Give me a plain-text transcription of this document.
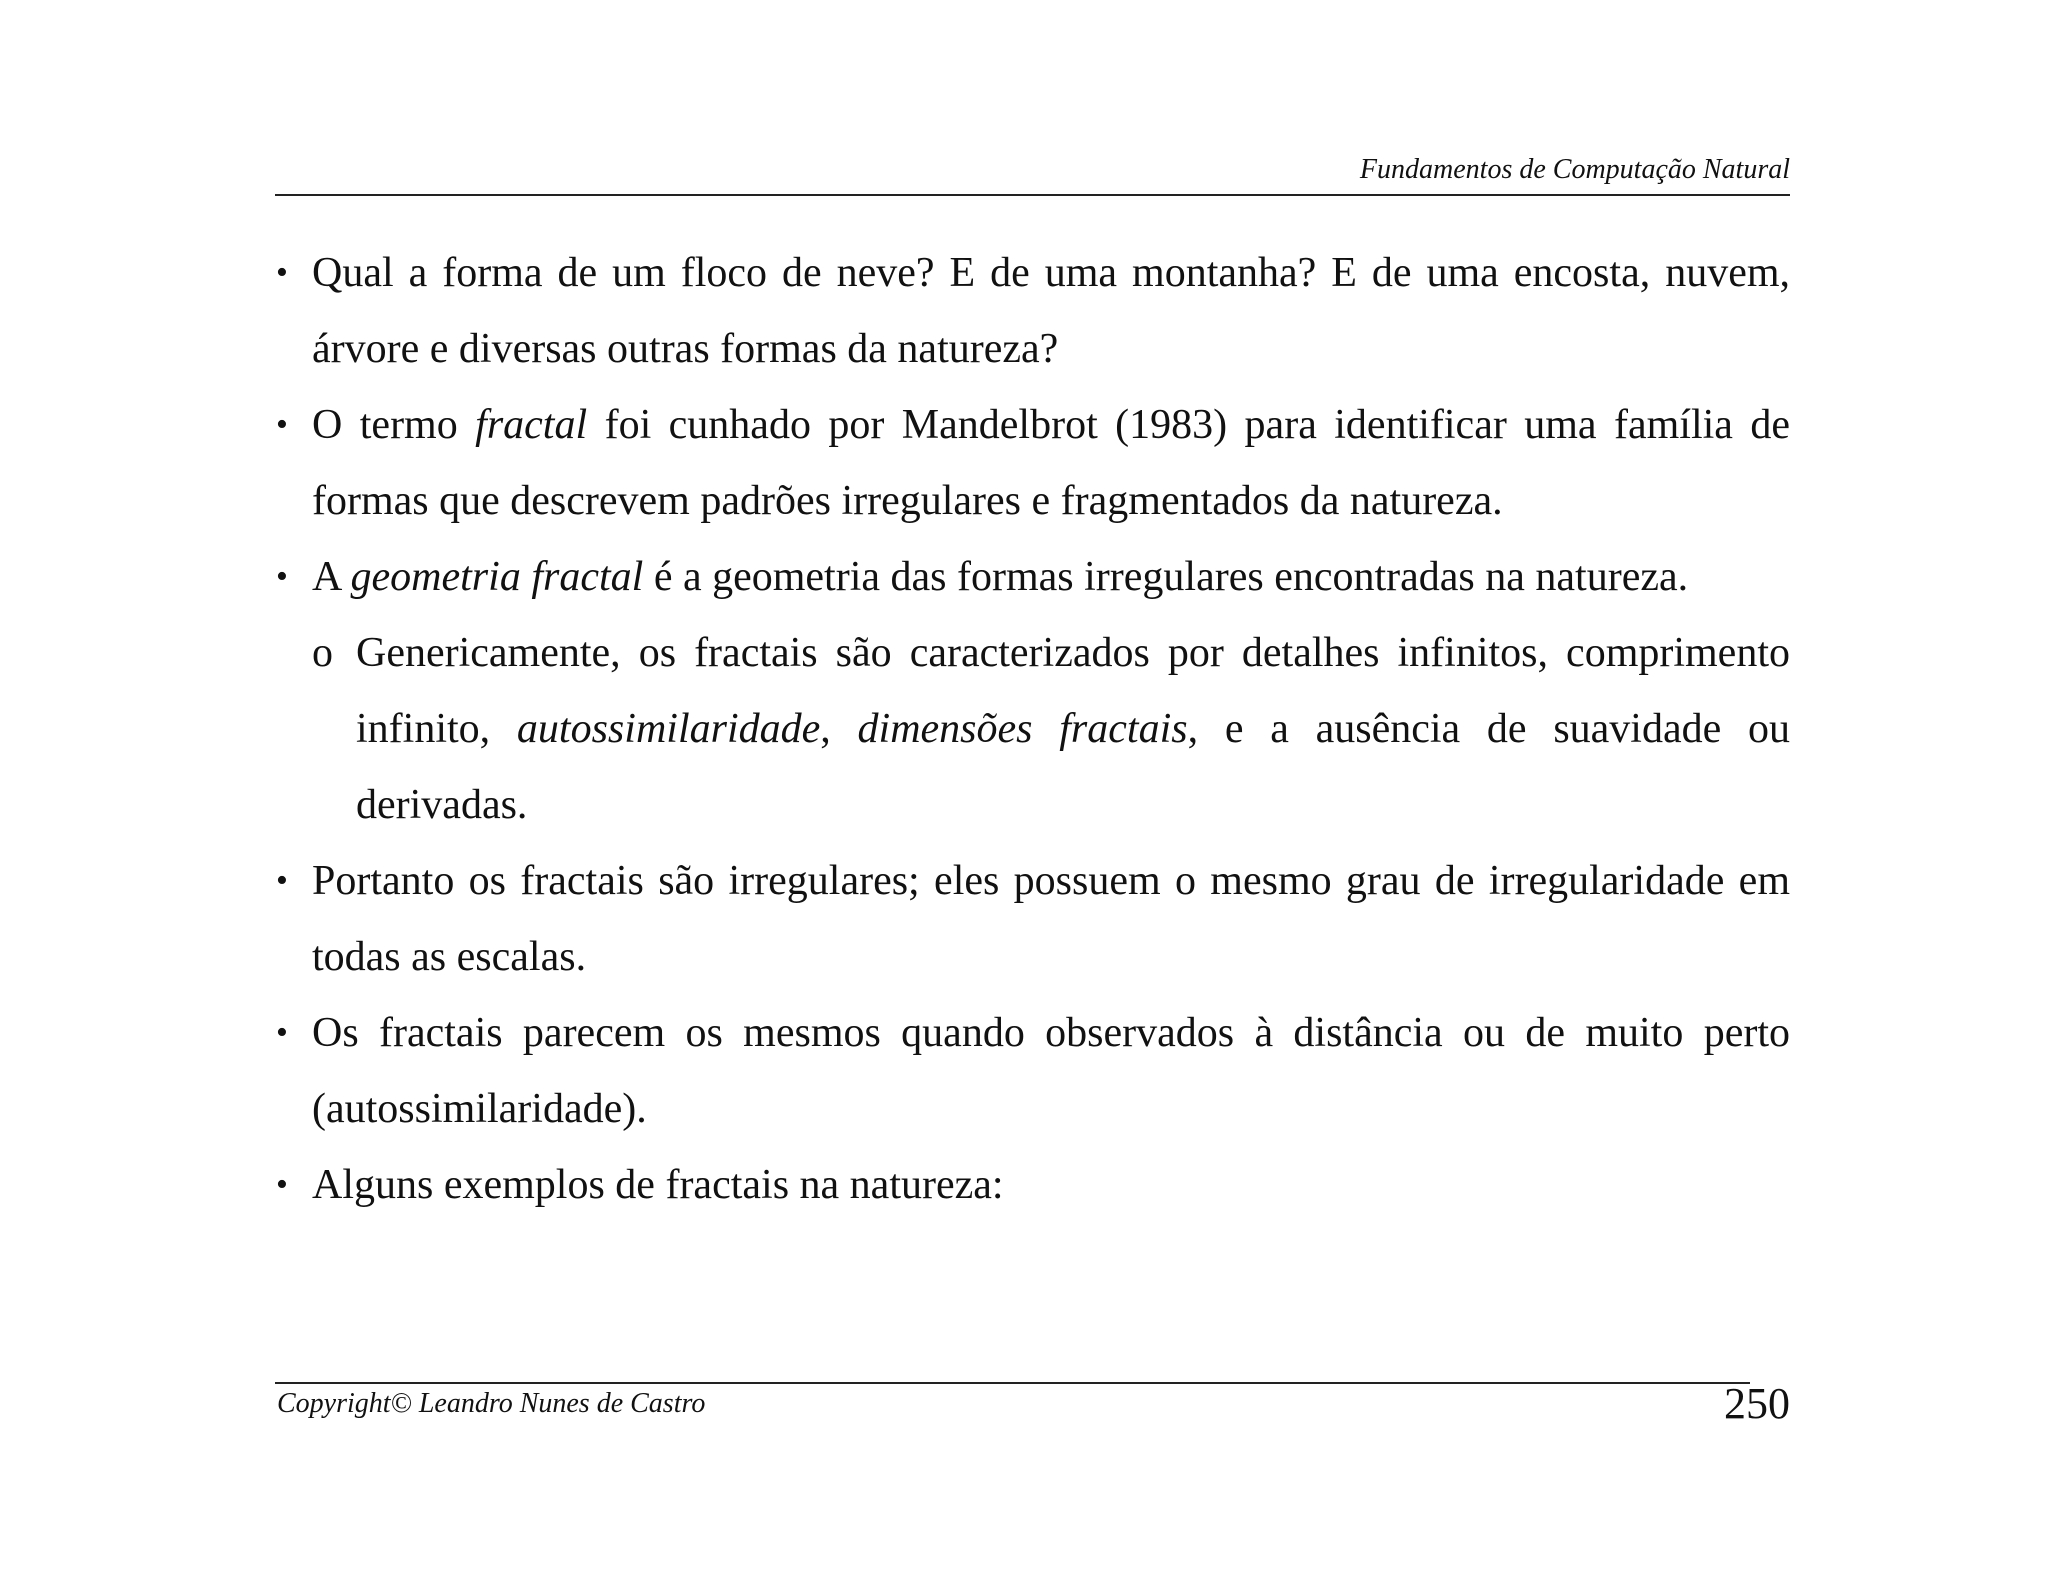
Fundamentos de Computação Natural
• Qual a forma de um floco de neve? E de uma montanha? E de uma encosta, nuvem, árvore e diversas outras formas da natureza?
• O termo fractal foi cunhado por Mandelbrot (1983) para identificar uma família de formas que descrevem padrões irregulares e fragmentados da natureza.
• A geometria fractal é a geometria das formas irregulares encontradas na natureza.
o Genericamente, os fractais são caracterizados por detalhes infinitos, comprimento infinito, autossimilaridade, dimensões fractais, e a ausência de suavidade ou derivadas.
• Portanto os fractais são irregulares; eles possuem o mesmo grau de irregularidade em todas as escalas.
• Os fractais parecem os mesmos quando observados à distância ou de muito perto (autossimilaridade).
• Alguns exemplos de fractais na natureza:
Copyright© Leandro Nunes de Castro	250
